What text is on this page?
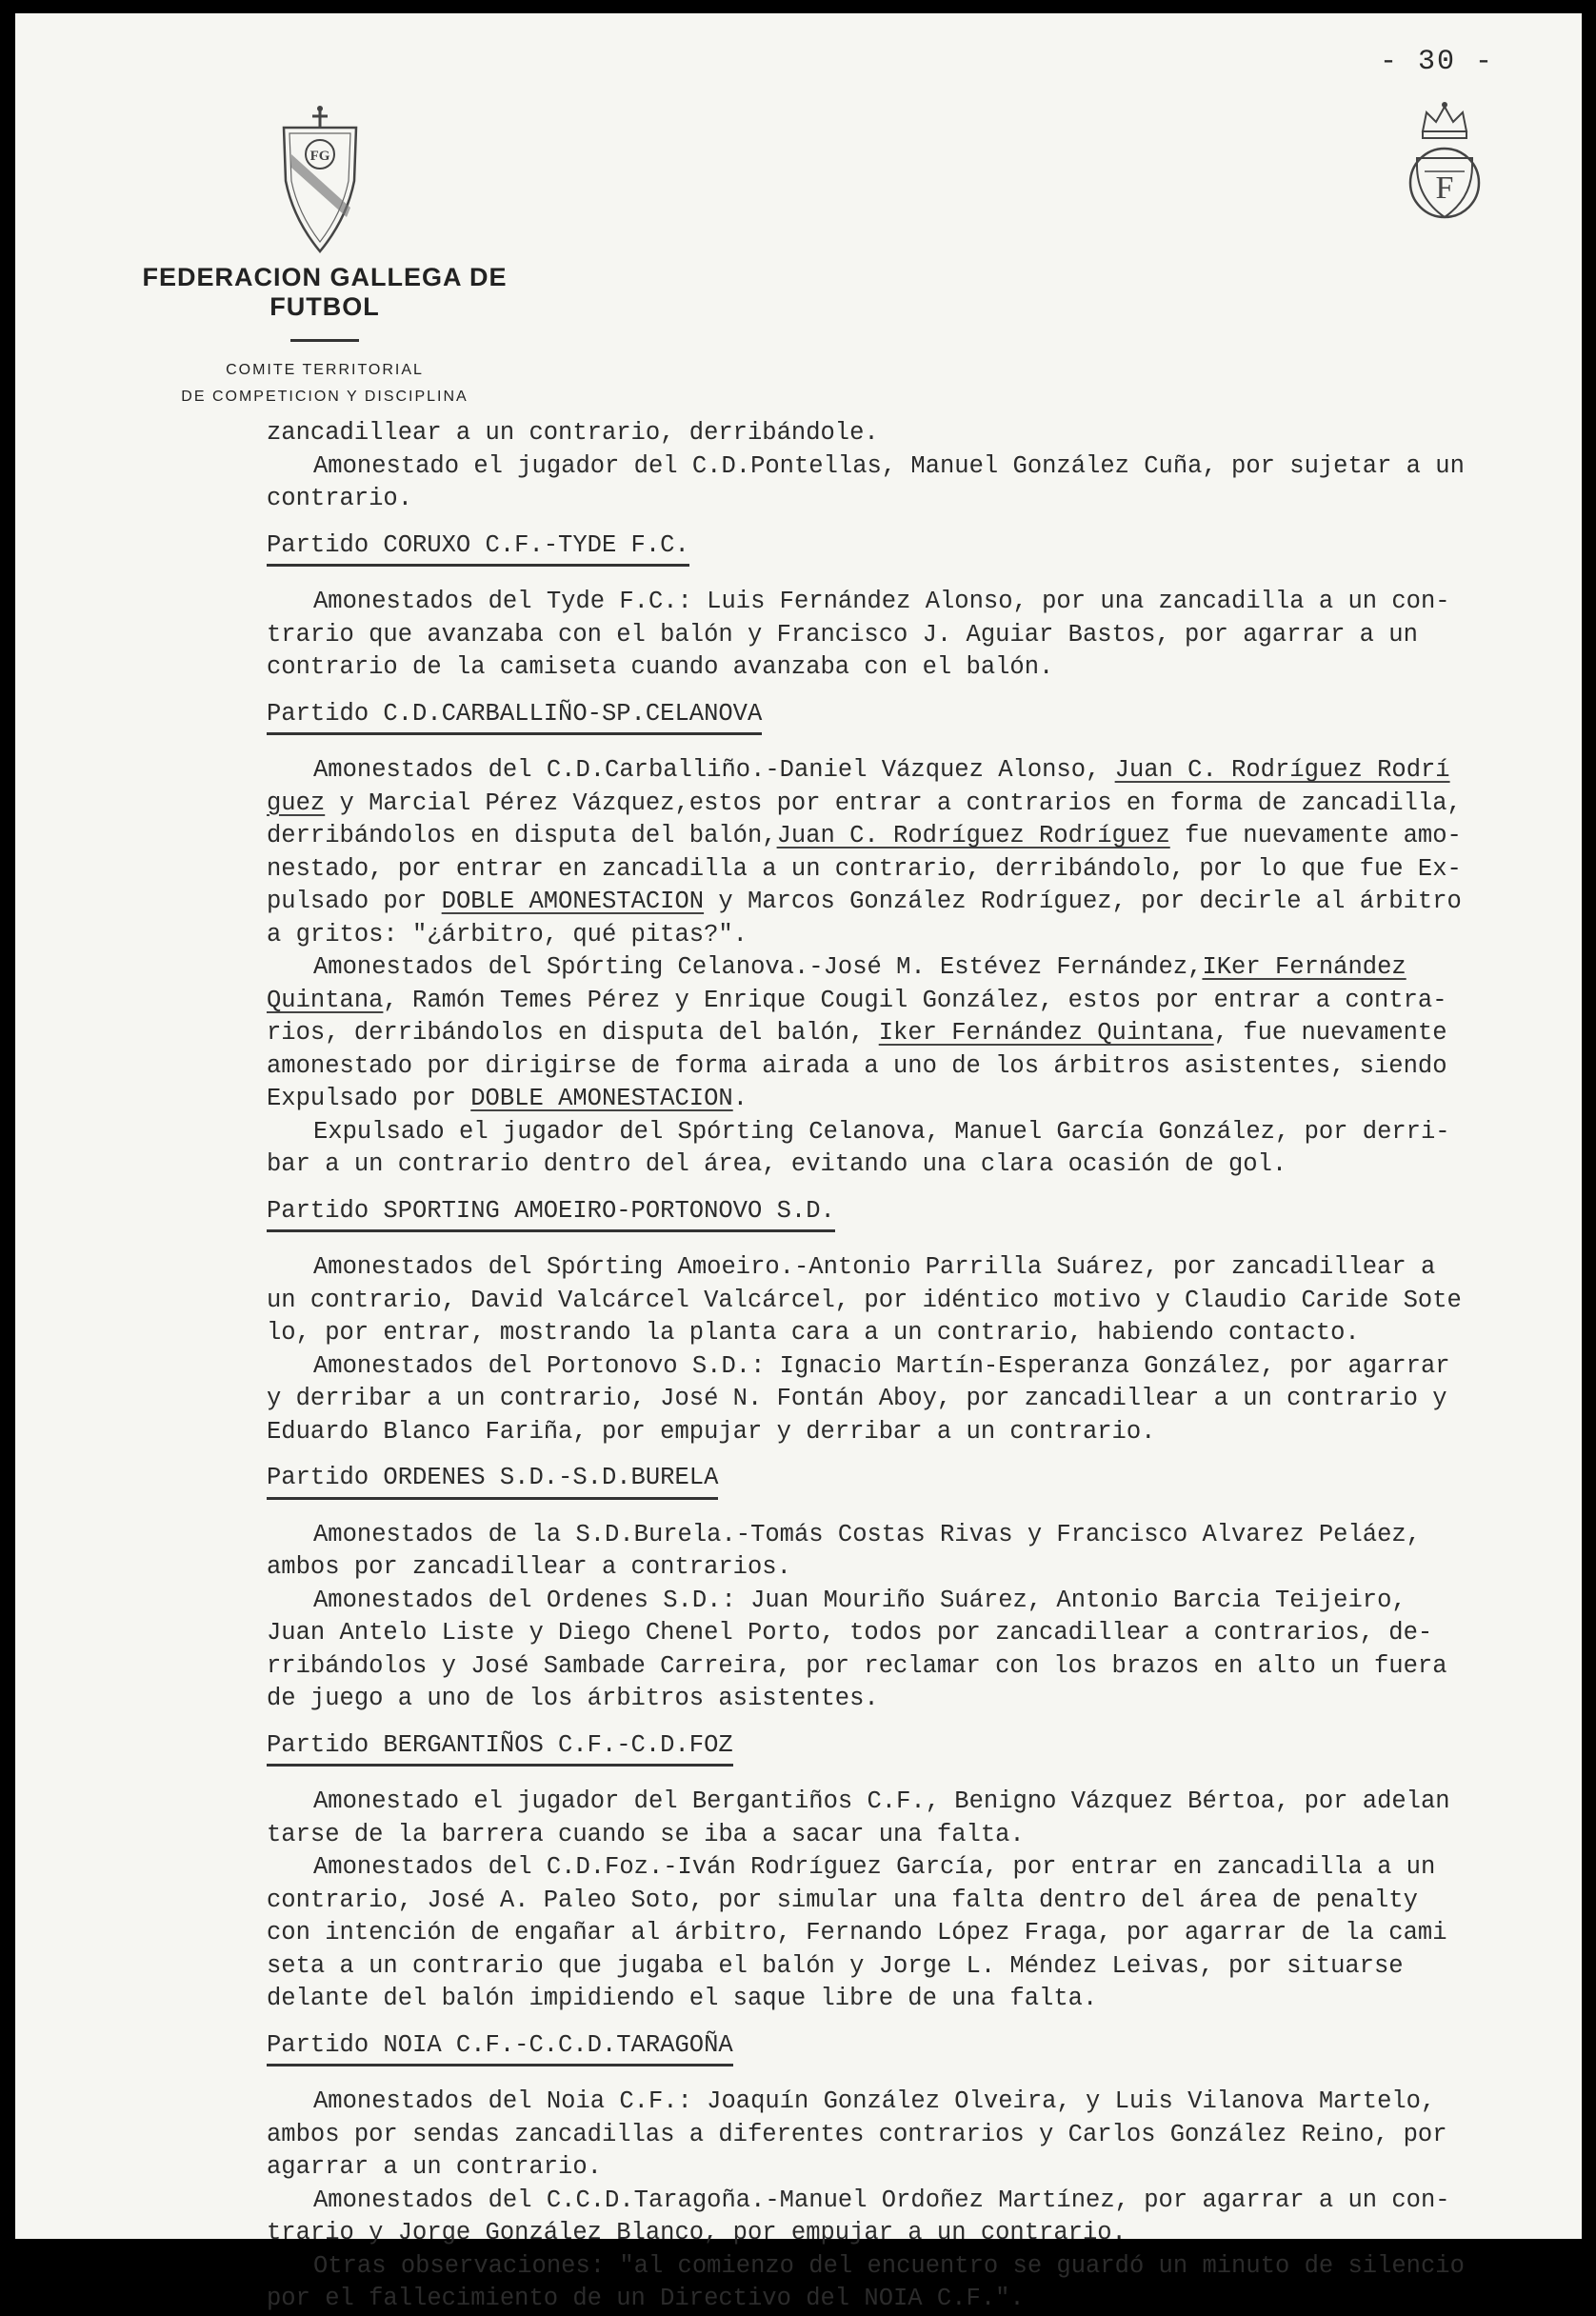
- 30 -
FG
F
FEDERACION GALLEGA DE FUTBOL
COMITE TERRITORIAL
DE COMPETICION Y DISCIPLINA
zancadillear a un contrario, derribándole.
Amonestado el jugador del C.D.Pontellas, Manuel González Cuña, por sujetar a un
contrario.
Partido CORUXO C.F.-TYDE F.C.
Amonestados del Tyde F.C.: Luis Fernández Alonso, por una zancadilla a un con-
trario que avanzaba con el balón y Francisco J. Aguiar Bastos, por agarrar a un
contrario de la camiseta cuando avanzaba con el balón.
Partido C.D.CARBALLIÑO-SP.CELANOVA
Amonestados del C.D.Carballiño.-Daniel Vázquez Alonso, Juan C. Rodríguez Rodrí
guez y Marcial Pérez Vázquez,estos por entrar a contrarios en forma de zancadilla,
derribándolos en disputa del balón,Juan C. Rodríguez Rodríguez fue nuevamente amo-
nestado, por entrar en zancadilla a un contrario, derribándolo, por lo que fue Ex-
pulsado por DOBLE AMONESTACION y Marcos González Rodríguez, por decirle al árbitro
a gritos: "¿árbitro, qué pitas?".
Amonestados del Spórting Celanova.-José M. Estévez Fernández,IKer Fernández
Quintana, Ramón Temes Pérez y Enrique Cougil González, estos por entrar a contra-
rios, derribándolos en disputa del balón, Iker Fernández Quintana, fue nuevamente
amonestado por dirigirse de forma airada a uno de los árbitros asistentes, siendo
Expulsado por DOBLE AMONESTACION.
Expulsado el jugador del Spórting Celanova, Manuel García González, por derri-
bar a un contrario dentro del área, evitando una clara ocasión de gol.
Partido SPORTING AMOEIRO-PORTONOVO S.D.
Amonestados del Spórting Amoeiro.-Antonio Parrilla Suárez, por zancadillear a
un contrario, David Valcárcel Valcárcel, por idéntico motivo y Claudio Caride Sote
lo, por entrar, mostrando la planta cara a un contrario, habiendo contacto.
Amonestados del Portonovo S.D.: Ignacio Martín-Esperanza González, por agarrar
y derribar a un contrario, José N. Fontán Aboy, por zancadillear a un contrario y
Eduardo Blanco Fariña, por empujar y derribar a un contrario.
Partido ORDENES S.D.-S.D.BURELA
Amonestados de la S.D.Burela.-Tomás Costas Rivas y Francisco Alvarez Peláez,
ambos por zancadillear a contrarios.
Amonestados del Ordenes S.D.: Juan Mouriño Suárez, Antonio Barcia Teijeiro,
Juan Antelo Liste y Diego Chenel Porto, todos por zancadillear a contrarios, de-
rribándolos y José Sambade Carreira, por reclamar con los brazos en alto un fuera
de juego a uno de los árbitros asistentes.
Partido BERGANTIÑOS C.F.-C.D.FOZ
Amonestado el jugador del Bergantiños C.F., Benigno Vázquez Bértoa, por adelan
tarse de la barrera cuando se iba a sacar una falta.
Amonestados del C.D.Foz.-Iván Rodríguez García, por entrar en zancadilla a un
contrario, José A. Paleo Soto, por simular una falta dentro del área de penalty
con intención de engañar al árbitro, Fernando López Fraga, por agarrar de la cami
seta a un contrario que jugaba el balón y Jorge L. Méndez Leivas, por situarse
delante del balón impidiendo el saque libre de una falta.
Partido NOIA C.F.-C.C.D.TARAGOÑA
Amonestados del Noia C.F.: Joaquín González Olveira, y Luis Vilanova Martelo,
ambos por sendas zancadillas a diferentes contrarios y Carlos González Reino, por
agarrar a un contrario.
Amonestados del C.C.D.Taragoña.-Manuel Ordoñez Martínez, por agarrar a un con-
trario y Jorge González Blanco, por empujar a un contrario.
Otras observaciones: "al comienzo del encuentro se guardó un minuto de silencio
por el fallecimiento de un Directivo del NOIA C.F.".
